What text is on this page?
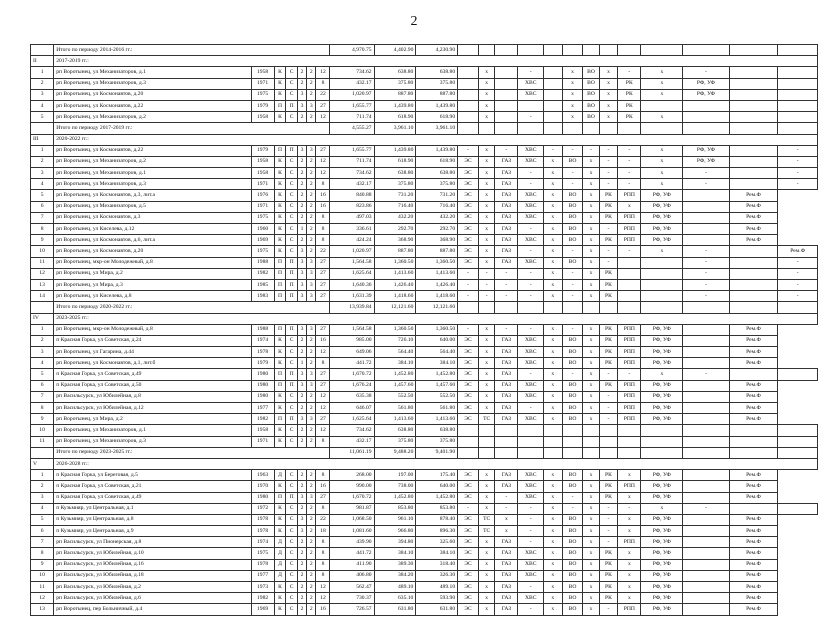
2
	Итого по периоду 2014-2016 гг.:							4,970.75	4,402.90	4,230.90													
II	2017-2019 гг.:																						
1	рп Воротынец, ул Механизаторов, д.1	1958	К	С	2	2	12	734.62	638.80	638.80		х		-		х	ВО	х	-	х	-		
2	рп Воротынец, ул Механизаторов, д.3	1971	К	С	2	2	8	432.17	375.80	375.80		х		ХВС		х	ВО	х	РК	х	РФ, УФ		
3	рп Воротынец, ул Космонавтов, д.20	1975	К	С	3	2	22	1,020.97	887.80	887.80		х		ХВС		х	ВО	х	РК	х	РФ, УФ		
4	рп Воротынец, ул Космонавтов, д.22	1979	П	П	3	3	27	1,655.77	1,439.80	1,439.80		х				х	ВО	х	РК				
5	рп Воротынец, ул Механизаторов, д.2	1958	К	С	2	2	12	711.74	618.90	618.90		х		-		х	ВО	х	РК	х			
	Итого по периоду 2017-2019 гг.:							4,555.27	3,961.10	3,961.10													
III	2020-2022 гг.:																						
1	рп Воротынец, ул Космонавтов, д.22	1979	П	П	3	3	27	1,655.77	1,439.80	1,439.80	-	х	-	ХВС	-	-	-	-	-	х	РФ, УФ		-
2	рп Воротынец, ул Механизаторов, д.2	1958	К	С	2	2	12	711.74	618.90	618.90	ЭС	х	ГАЗ	ХВС	х	ВО	х	-	-	х	РФ, УФ		-
3	рп Воротынец, ул Механизаторов, д.1	1958	К	С	2	2	12	734.62	638.80	638.80	ЭС	х	ГАЗ	-	х	-	х	-	-	х	-		-
4	рп Воротынец, ул Механизаторов, д.3	1971	К	С	2	2	8	432.17	375.80	375.80	ЭС	х	ГАЗ	-	х	-	х	-	-	х	-		-
5	рп Воротынец, ул Космонавтов, д.3, лит.а	1976	К	С	2	2	16	840.88	731.20	731.20	ЭС	х	ГАЗ	ХВС	х	ВО	х	РК	РПП	РФ, УФ		Рем.Ф	
6	рп Воротынец, ул Механизаторов, д.5	1971	К	С	2	2	16	823.86	716.40	716.40	ЭС	х	ГАЗ	ХВС	х	ВО	х	РК	х	РФ, УФ		Рем.Ф	
7	рп Воротынец, ул Космонавтов, д.3	1975	К	С	2	2	8	497.03	432.20	432.20	ЭС	х	ГАЗ	ХВС	х	ВО	х	РК	РПП	РФ, УФ		Рем.Ф	
8	рп Воротынец, ул Киселева, д.12	1960	К	С	1	2	8	336.61	292.70	292.70	ЭС	х	ГАЗ	-	х	ВО	х	-	РПП	РФ, УФ		Рем.Ф	
9	рп Воротынец, ул Космонавтов, д.6, лит.а	1969	К	С	2	2	8	424.24	368.90	368.90	ЭС	х	ГАЗ	ХВС	х	ВО	х	РК	РПП	РФ, УФ		Рем.Ф	
10	рп Воротынец, ул Космонавтов, д.20	1975	К	С	3	2	22	1,020.97	887.80	887.80	ЭС	х	ГАЗ	-	х	-	х	-	-	х	-		Рем.Ф
11	рп Воротынец, мкр-он Молодежный, д.8	1988	П	П	3	3	27	1,564.58	1,360.50	1,360.50	ЭС	х	ГАЗ	ХВС	х	ВО	х	-			-		-
12	рп Воротынец, ул Мира, д.2	1982	П	П	3	3	27	1,625.64	1,413.60	1,413.60	-	-	-	-	х	-	х	РК			-		-
13	рп Воротынец, ул Мира, д.3	1985	П	П	3	3	27	1,640.36	1,426.40	1,426.40	-	-	-	-	х	-	х	РК			-		-
14	рп Воротынец, ул Киселева, д.8	1983	П	П	3	3	27	1,631.39	1,418.60	1,418.60	-	-	-	-	х	-	х	РК			-		-
	Итого по периоду 2020-2022 гг.:							13,939.84	12,121.60	12,121.60													
IV	2023-2025 гг.:																						
1	рп Воротынец, мкр-он Молодежный, д.8	1988	П	П	3	3	27	1,564.58	1,360.50	1,360.50	-	х	-	-	х	-	х	РК	РПП	РФ, УФ		Рем.Ф	
2	п Красная Горка, ул Советская, д.24	1974	К	С	2	2	16	985.00	726.10	640.00	ЭС	х	ГАЗ	ХВС	х	ВО	х	РК	РПП	РФ, УФ		Рем.Ф	
3	рп Воротынец, ул Гагарина, д.44	1978	К	С	2	2	12	649.06	564.40	564.40	ЭС	х	ГАЗ	ХВС	х	ВО	х	РК	РПП	РФ, УФ		Рем.Ф	
4	рп Воротынец, ул Космонавтов, д.1, лит.б	1979	К	С	1	2	8	441.72	384.10	384.10	ЭС	х	ГАЗ	ХВС	х	ВО	х	РК	РПП	РФ, УФ		Рем.Ф	
5	п Красная Горка, ул Советская, д.49	1980	П	П	3	3	27	1,670.72	1,452.80	1,452.80	ЭС	х	ГАЗ	-	х	-	х	-	-	х	-		
6	п Красная Горка, ул Советская, д.50	1980	П	П	3	3	27	1,676.24	1,457.60	1,457.60	ЭС	х	ГАЗ	ХВС	х	ВО	х	РК	РПП	РФ, УФ		Рем.Ф	
7	рп Васильсурск, ул Юбилейная, д.8	1980	К	С	2	2	12	635.38	552.50	552.50	ЭС	х	ГАЗ	ХВС	х	ВО	х	-	РПП	РФ, УФ		Рем.Ф	
8	рп Васильсурск, ул Юбилейная, д.12	1977	К	С	2	2	12	646.07	561.80	561.80	ЭС	х	ГАЗ	-	х	ВО	х	-	РПП	РФ, УФ		Рем.Ф	
9	рп Воротынец, ул Мира, д.2	1982	П	П	3	3	27	1,625.64	1,413.60	1,413.60	ЭС	ТС	ГАЗ	ХВС	х	ВО	х	-	РПП	РФ, УФ		Рем.Ф	
10	рп Воротынец, ул Механизаторов, д.1	1958	К	С	2	2	12	734.62	638.80	638.80													
11	рп Воротынец, ул Механизаторов, д.3	1971	К	С	2	2	8	432.17	375.80	375.80													
	Итого по периоду 2023-2025 гг.:							11,061.19	9,488.20	9,401.90													
V	2026-2028 гг.:																						
1	п Красная Горка, ул Береговая, д.5	1963	Д	С	2	2	8	268.00	197.00	175.40	ЭС	х	ГАЗ	ХВС	х	ВО	х	РК	х	РФ, УФ		Рем.Ф	
2	п Красная Горка, ул Советская, д.21	1970	К	С	2	2	16	990.00	738.00	640.00	ЭС	х	ГАЗ	ХВС	х	ВО	х	РК	РПП	РФ, УФ		Рем.Ф	
3	п Красная Горка, ул Советская, д.49	1980	П	П	3	3	27	1,670.72	1,452.80	1,452.80	ЭС	х	-	ХВС	х	-	х	РК	х	РФ, УФ		Рем.Ф	
4	п Кузьмияр, ул Центральная, д.1	1972	К	С	2	2	8	981.87	853.80	853.80	-	х	-	-	х	-	х	-	-	х	-		
5	п Кузьмияр, ул Центральная, д.8	1978	К	С	3	2	22	1,068.50	961.10	878.40	ЭС	ТС	х	-	х	ВО	х	-	х	РФ, УФ		Рем.Ф	
6	п Кузьмияр, ул Центральная, д.9	1978	К	С	3	2	18	1,081.60	966.80	896.30	ЭС	ТС	х	-	х	ВО	х	-	х	РФ, УФ		Рем.Ф	
7	рп Васильсурск, ул Пионерская, д.8	1974	Д	С	2	2	8	439.90	394.80	325.60	ЭС	х	ГАЗ	-	х	ВО	х	-	РПП	РФ, УФ		Рем.Ф	
8	рп Васильсурск, ул Юбилейная, д.10	1975	Д	С	2	2	8	441.72	384.10	384.10	ЭС	х	ГАЗ	ХВС	х	ВО	х	РК	х	РФ, УФ		Рем.Ф	
9	рп Васильсурск, ул Юбилейная, д.16	1978	Д	С	2	2	8	411.90	389.30	318.40	ЭС	х	ГАЗ	ХВС	х	ВО	х	РК	х	РФ, УФ		Рем.Ф	
10	рп Васильсурск, ул Юбилейная, д.18	1977	Д	С	2	2	8	406.80	384.20	326.30	ЭС	х	ГАЗ	ХВС	х	ВО	х	РК	х	РФ, УФ		Рем.Ф	
11	рп Васильсурск, ул Юбилейная, д.2	1973	К	С	2	2	12	562.47	489.10	489.10	ЭС	х	ГАЗ	-	х	ВО	х	РК	х	РФ, УФ		Рем.Ф	
12	рп Васильсурск, ул Юбилейная, д.6	1982	К	С	2	2	12	730.37	635.10	593.90	ЭС	х	ГАЗ	ХВС	х	ВО	х	РК	х	РФ, УФ		Рем.Ф	
13	рп Воротынец, пер Больничный, д.4	1969	К	С	2	2	16	726.57	631.80	631.80	ЭС	х	ГАЗ	-	х	ВО	х	-	РПП	РФ, УФ		Рем.Ф	
